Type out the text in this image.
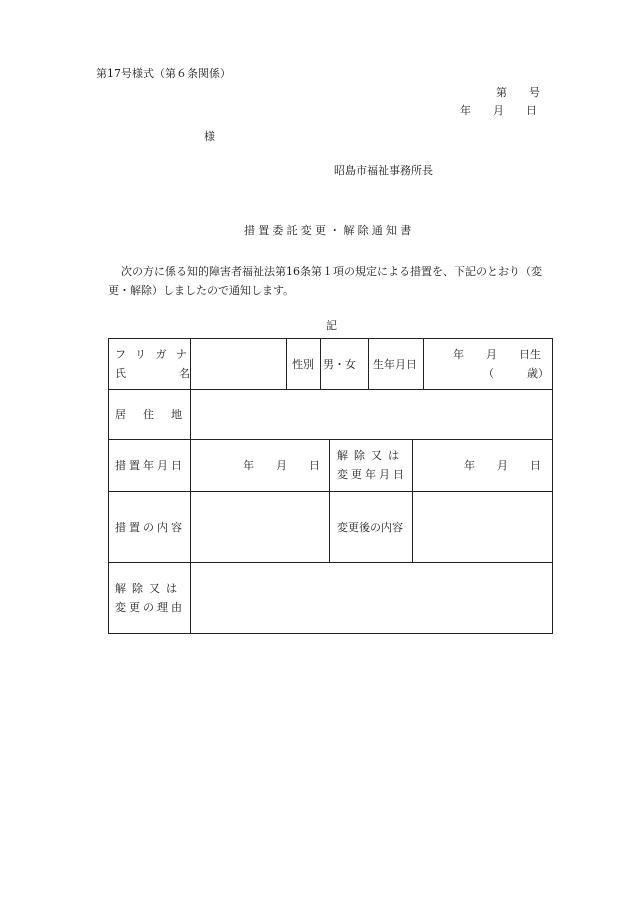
第17号様式（第６条関係）
第　　号
年　　月　　日
様
昭島市福祉事務所長
措置委託変更・解除通知書
次の方に係る知的障害者福祉法第16条第１項の規定による措置を、下記のとおり（変
更・解除）しましたので通知します。
記
フリガナ
氏名
性別 男・女 生年月日
年　　月　　日生
（　　　歳）
居住地
措置年月日	年　　月　　日
解除又は
変更年月日
年　　月　　日
措置の内容	変更後の内容
解除又は
変更の理由
